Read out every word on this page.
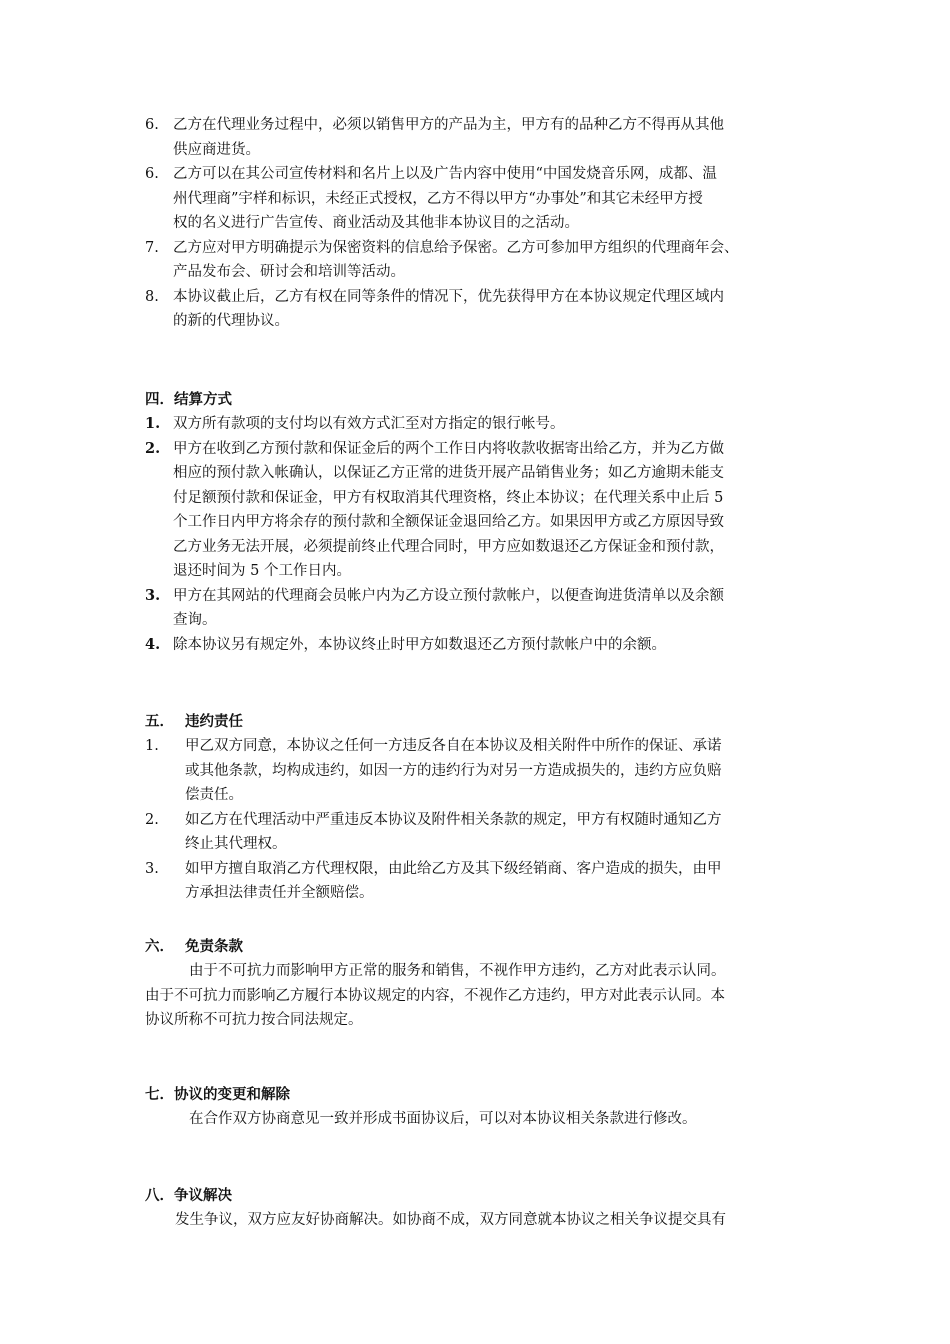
6. 乙方在代理业务过程中，必须以销售甲方的产品为主，甲方有的品种乙方不得再从其他
供应商进货。
6. 乙方可以在其公司宣传材料和名片上以及广告内容中使用“中国发烧音乐网，成都、温
州代理商”宇样和标识，未经正式授权，乙方不得以甲方“办事处”和其它未经甲方授
权的名义进行广告宣传、商业活动及其他非本协议目的之活动。
7. 乙方应对甲方明确提示为保密资料的信息给予保密。乙方可参加甲方组织的代理商年会、
产品发布会、研讨会和培训等活动。
8. 本协议截止后，乙方有权在同等条件的情况下，优先获得甲方在本协议规定代理区域内
的新的代理协议。
四．结算方式
1. 双方所有款项的支付均以有效方式汇至对方指定的银行帐号。
2. 甲方在收到乙方预付款和保证金后的两个工作日内将收款收据寄出给乙方，并为乙方做
相应的预付款入帐确认，以保证乙方正常的进货开展产品销售业务；如乙方逾期未能支
付足额预付款和保证金，甲方有权取消其代理资格，终止本协议；在代理关系中止后 5
个工作日内甲方将余存的预付款和全额保证金退回给乙方。如果因甲方或乙方原因导致
乙方业务无法开展，必须提前终止代理合同时，甲方应如数退还乙方保证金和预付款，
退还时间为 5 个工作日内。
3. 甲方在其网站的代理商会员帐户内为乙方设立预付款帐户，以便查询进货清单以及余额
查询。
4. 除本协议另有规定外，本协议终止时甲方如数退还乙方预付款帐户中的余额。
五． 违约责任
1.	甲乙双方同意，本协议之任何一方违反各自在本协议及相关附件中所作的保证、承诺
或其他条款，均构成违约，如因一方的违约行为对另一方造成损失的，违约方应负赔
偿责任。
2.	如乙方在代理活动中严重违反本协议及附件相关条款的规定，甲方有权随时通知乙方
终止其代理权。
3.	如甲方擅自取消乙方代理权限，由此给乙方及其下级经销商、客户造成的损失，由甲
方承担法律责任并全额赔偿。
六． 免责条款
由于不可抗力而影响甲方正常的服务和销售，不视作甲方违约，乙方对此表示认同。
由于不可抗力而影响乙方履行本协议规定的内容，不视作乙方违约，甲方对此表示认同。本
协议所称不可抗力按合同法规定。
七．协议的变更和解除
在合作双方协商意见一致并形成书面协议后，可以对本协议相关条款进行修改。
八．争议解决
发生争议，双方应友好协商解决。如协商不成，双方同意就本协议之相关争议提交具有
